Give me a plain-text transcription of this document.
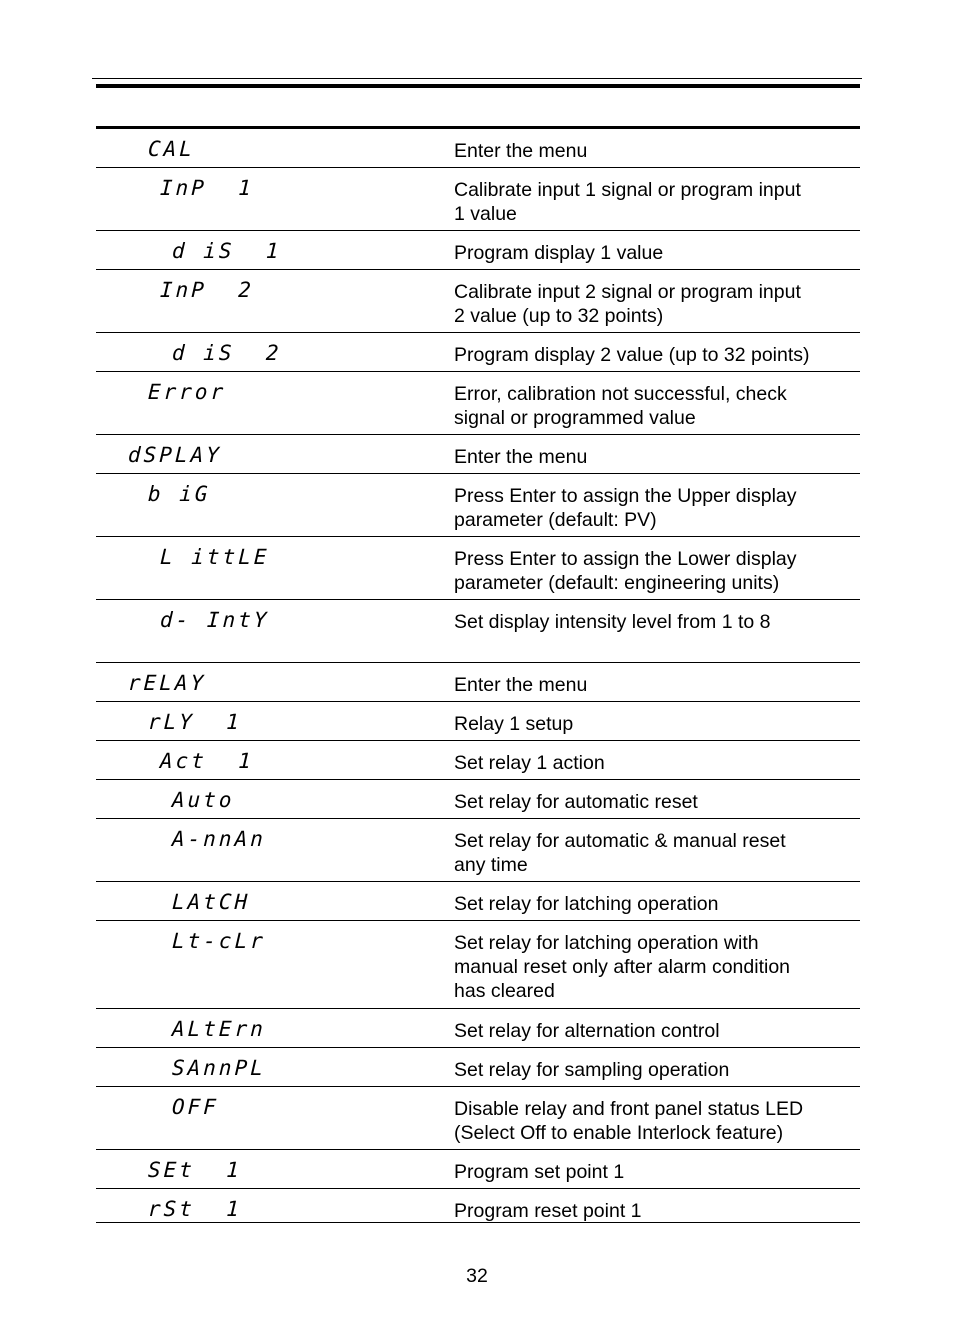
CAL	Enter the menu
InP  1	Calibrate input 1 signal or program input
1 value
d iS  1	Program display 1 value
InP  2	Calibrate input 2 signal or program input
2 value (up to 32 points)
d iS  2	Program display 2 value (up to 32 points)
Error	Error, calibration not successful, check
signal or programmed value
dSPLAY	Enter the menu
b iG	Press Enter to assign the Upper display
parameter (default: PV)
L ittLE	Press Enter to assign the Lower display
parameter (default: engineering units)
d- IntY	Set display intensity level from 1 to 8
rELAY	Enter the menu
rLY  1	Relay 1 setup
Act  1	Set relay 1 action
Auto	Set relay for automatic reset
A-nnAn	Set relay for automatic & manual reset
any time
LAtCH	Set relay for latching operation
Lt-cLr	Set relay for latching operation with
manual reset only after alarm condition
has cleared
ALtErn	Set relay for alternation control
SAnnPL	Set relay for sampling operation
OFF	Disable relay and front panel status LED
(Select Off to enable Interlock feature)
SEt  1	Program set point 1
rSt  1	Program reset point 1
32
